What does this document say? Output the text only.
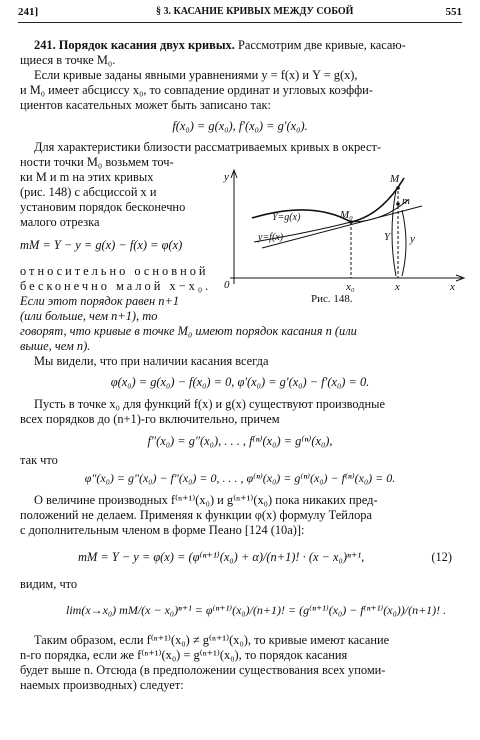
241]	§ 3. КАСАНИЕ КРИВЫХ МЕЖДУ СОБОЙ	551
241. Порядок касания двух кривых. Рассмотрим две кривые, касаю-
щиеся в точке M₀.
Если кривые заданы явными уравнениями y = f(x) и Y = g(x),
и M₀ имеет абсциссу x₀, то совпадение ординат и угловых коэффи-
циентов касательных может быть записано так:
f(x₀) = g(x₀), f′(x₀) = g′(x₀).
Для характеристики близости рассматриваемых кривых в окрест-
ности точки M₀ возьмем точ-
ки M и m на этих кривых
(рис. 148) с абсциссой x и
установим порядок бесконечно
малого отрезка
mM = Y − y = g(x) − f(x) = φ(x)
относительно основной
бесконечно малой x−x₀.
Если этот порядок равен n+1
(или больше, чем n+1), то
говорят, что кривые в точке M₀ имеют порядок касания n (или
выше, чем n).
y
0	x
x₀	x
M₀
M
m
Y y
Y=g(x)
y=f(x)
Рис. 148.
Мы видели, что при наличии касания всегда
φ(x₀) = g(x₀) − f(x₀) = 0, φ′(x₀) = g′(x₀) − f′(x₀) = 0.
Пусть в точке x₀ для функций f(x) и g(x) существуют производные
всех порядков до (n+1)-го включительно, причем
f″(x₀) = g″(x₀), . . . , f⁽ⁿ⁾(x₀) = g⁽ⁿ⁾(x₀),
так что
φ″(x₀) = g″(x₀) − f″(x₀) = 0, . . . , φ⁽ⁿ⁾(x₀) = g⁽ⁿ⁾(x₀) − f⁽ⁿ⁾(x₀) = 0.
О величине производных f⁽ⁿ⁺¹⁾(x₀) и g⁽ⁿ⁺¹⁾(x₀) пока никаких пред-
положений не делаем. Применяя к функции φ(x) формулу Тейлора
с дополнительным членом в форме Пеано [124 (10а)]:
mM = Y − y = φ(x) = (φ⁽ⁿ⁺¹⁾(x₀) + α)/(n+1)! · (x − x₀)ⁿ⁺¹,	(12)
видим, что
lim(x→x₀) mM/(x − x₀)ⁿ⁺¹ = φ⁽ⁿ⁺¹⁾(x₀)/(n+1)! = (g⁽ⁿ⁺¹⁾(x₀) − f⁽ⁿ⁺¹⁾(x₀))/(n+1)! .
Таким образом, если f⁽ⁿ⁺¹⁾(x₀) ≠ g⁽ⁿ⁺¹⁾(x₀), то кривые имеют касание
n-го порядка, если же f⁽ⁿ⁺¹⁾(x₀) = g⁽ⁿ⁺¹⁾(x₀), то порядок касания
будет выше n. Отсюда (в предположении существования всех упоми-
наемых производных) следует:
